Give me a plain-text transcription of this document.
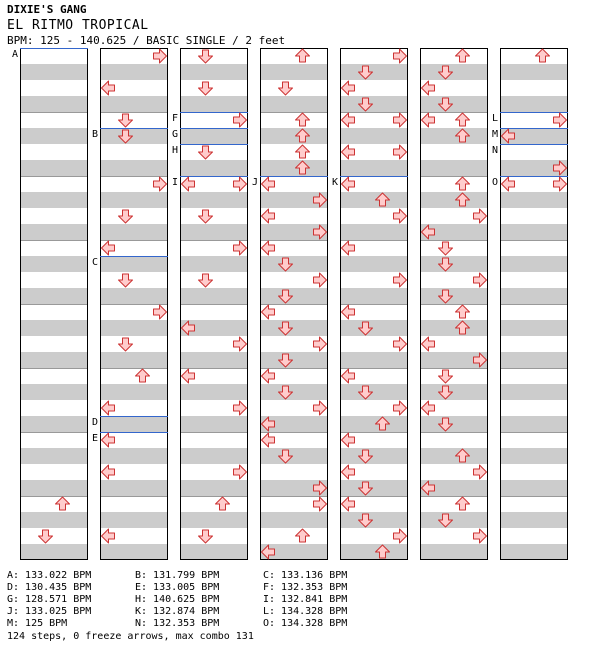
DIXIE'S GANG
EL RITMO TROPICAL
BPM: 125 - 140.625 / BASIC SINGLE / 2 feet
A
B
C
D
E
F
G
H
I	J	K
L
M
N
O
A: 133.022 BPM	B: 131.799 BPM	C: 133.136 BPM
D: 130.435 BPM	E: 133.005 BPM	F: 132.353 BPM
G: 128.571 BPM	H: 140.625 BPM	I: 132.841 BPM
J: 133.025 BPM	K: 132.874 BPM	L: 134.328 BPM
M: 125 BPM	N: 132.353 BPM	O: 134.328 BPM
124 steps, 0 freeze arrows, max combo 131
